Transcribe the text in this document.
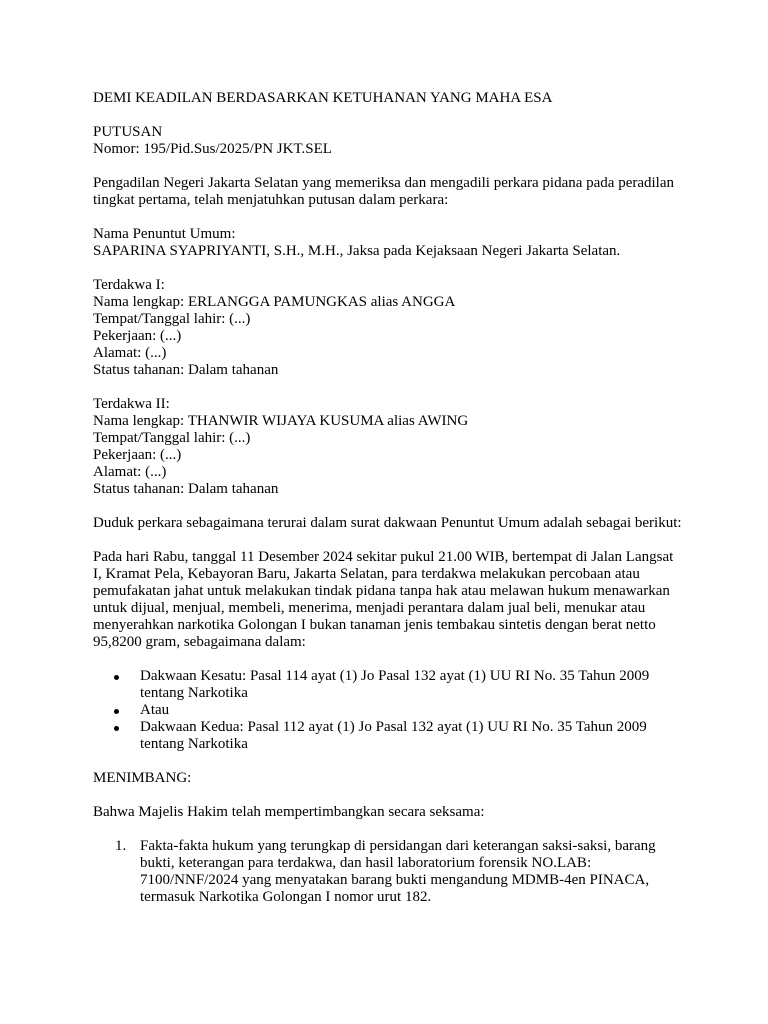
DEMI KEADILAN BERDASARKAN KETUHANAN YANG MAHA ESA

PUTUSAN

Nomor: 195/Pid.Sus/2025/PN JKT.SEL

Pengadilan Negeri Jakarta Selatan yang memeriksa dan mengadili perkara pidana pada peradilan tingkat pertama, telah menjatuhkan putusan dalam perkara:

Nama Penuntut Umum:

SAPARINA SYAPRIYANTI, S.H., M.H., Jaksa pada Kejaksaan Negeri Jakarta Selatan.

Terdakwa I:

Nama lengkap: ERLANGGA PAMUNGKAS alias ANGGA

Tempat/Tanggal lahir: (...)

Pekerjaan: (...)

Alamat: (...)

Status tahanan: Dalam tahanan

Terdakwa II:

Nama lengkap: THANWIR WIJAYA KUSUMA alias AWING

Tempat/Tanggal lahir: (...)

Pekerjaan: (...)

Alamat: (...)

Status tahanan: Dalam tahanan

Duduk perkara sebagaimana terurai dalam surat dakwaan Penuntut Umum adalah sebagai berikut:

Pada hari Rabu, tanggal 11 Desember 2024 sekitar pukul 21.00 WIB, bertempat di Jalan Langsat I, Kramat Pela, Kebayoran Baru, Jakarta Selatan, para terdakwa melakukan percobaan atau pemufakatan jahat untuk melakukan tindak pidana tanpa hak atau melawan hukum menawarkan untuk dijual, menjual, membeli, menerima, menjadi perantara dalam jual beli, menukar atau menyerahkan narkotika Golongan I bukan tanaman jenis tembakau sintetis dengan berat netto 95,8200 gram, sebagaimana dalam:

Dakwaan Kesatu: Pasal 114 ayat (1) Jo Pasal 132 ayat (1) UU RI No. 35 Tahun 2009 tentang Narkotika
Atau
Dakwaan Kedua: Pasal 112 ayat (1) Jo Pasal 132 ayat (1) UU RI No. 35 Tahun 2009 tentang Narkotika

MENIMBANG:

Bahwa Majelis Hakim telah mempertimbangkan secara seksama:

1. Fakta-fakta hukum yang terungkap di persidangan dari keterangan saksi-saksi, barang bukti, keterangan para terdakwa, dan hasil laboratorium forensik NO.LAB: 7100/NNF/2024 yang menyatakan barang bukti mengandung MDMB-4en PINACA, termasuk Narkotika Golongan I nomor urut 182.
